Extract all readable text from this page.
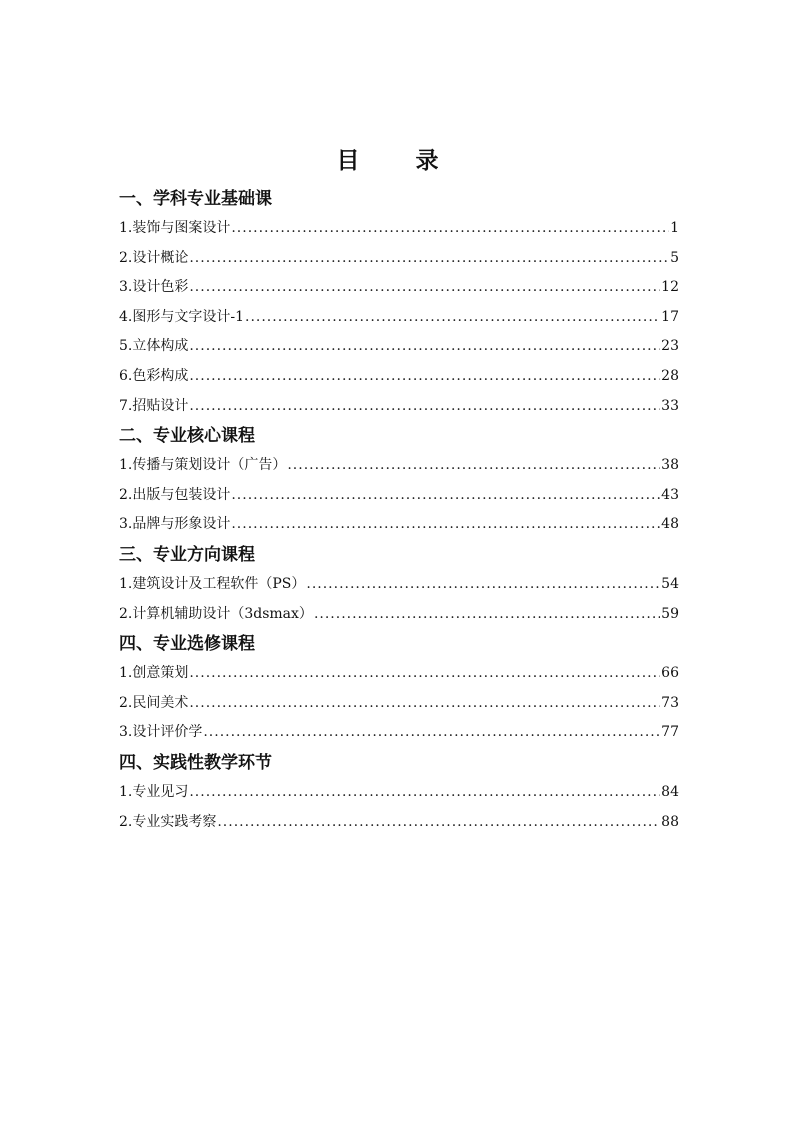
目 录
一、学科专业基础课
1.装饰与图案设计 .....	1
2.设计概论 .....	5
3.设计色彩 .....	12
4.图形与文字设计-1 .....	17
5.立体构成 .....	23
6.色彩构成 .....	28
7.招贴设计 .....	33
二、专业核心课程
1.传播与策划设计（广告） .....	38
2.出版与包装设计 .....	43
3.品牌与形象设计 .....	48
三、专业方向课程
1.建筑设计及工程软件（PS） .....	54
2.计算机辅助设计（3dsmax） .....	59
四、专业选修课程
1.创意策划 .....	66
2.民间美术 .....	73
3.设计评价学 .....	77
四、实践性教学环节
1.专业见习 .....	84
2.专业实践考察 .....	88
